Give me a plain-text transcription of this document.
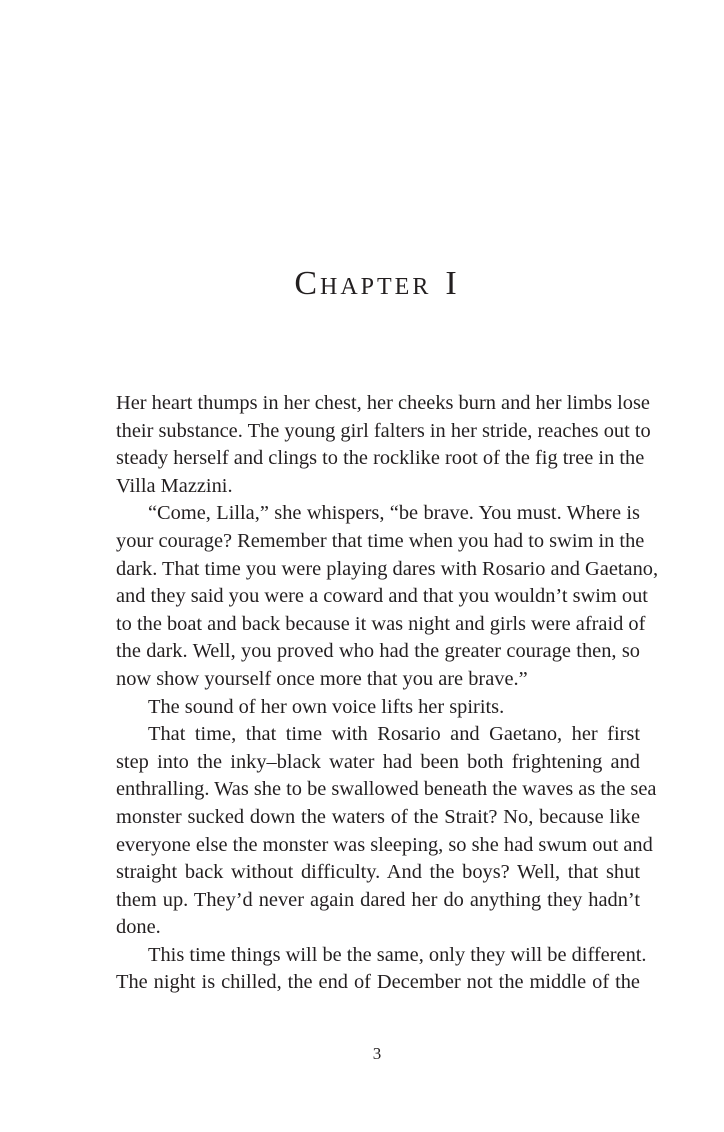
Chapter I
Her heart thumps in her chest, her cheeks burn and her limbs lose
their substance. The young girl falters in her stride, reaches out to
steady herself and clings to the rocklike root of the fig tree in the
Villa Mazzini.
“Come, Lilla,” she whispers, “be brave. You must. Where is
your courage? Remember that time when you had to swim in the
dark. That time you were playing dares with Rosario and Gaetano,
and they said you were a coward and that you wouldn’t swim out
to the boat and back because it was night and girls were afraid of
the dark. Well, you proved who had the greater courage then, so
now show yourself once more that you are brave.”
The sound of her own voice lifts her spirits.
That time, that time with Rosario and Gaetano, her first
step into the inky–black water had been both frightening and
enthralling. Was she to be swallowed beneath the waves as the sea
monster sucked down the waters of the Strait? No, because like
everyone else the monster was sleeping, so she had swum out and
straight back without difficulty. And the boys? Well, that shut
them up. They’d never again dared her do anything they hadn’t
done.
This time things will be the same, only they will be different.
The night is chilled, the end of December not the middle of the
3
